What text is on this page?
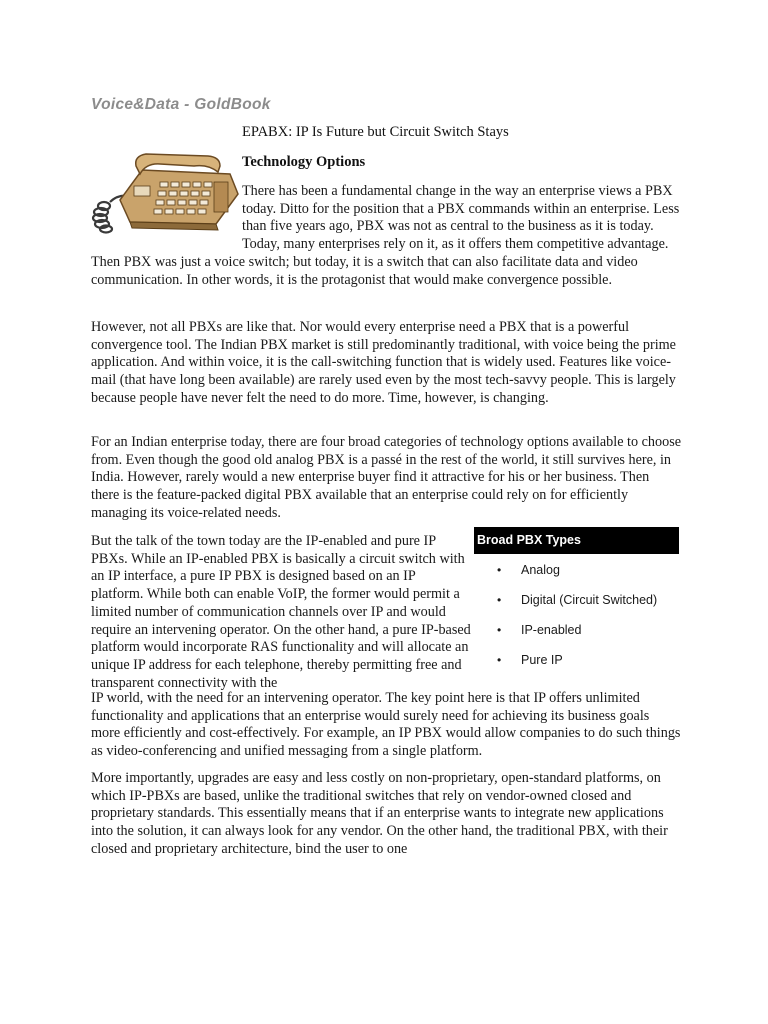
Voice&Data - GoldBook
EPABX: IP Is Future but Circuit Switch Stays
Technology Options

There has been a fundamental change in the way an enterprise views a PBX today. Ditto for the position that a PBX commands within an enterprise. Less than five years ago, PBX was not as central to the business as it is today. Today, many enterprises rely on it, as it offers them competitive advantage. Then PBX was just a voice switch; but today, it is a switch that can also facilitate data and video communication. In other words, it is the protagonist that would make convergence possible.

However, not all PBXs are like that. Nor would every enterprise need a PBX that is a powerful convergence tool. The Indian PBX market is still predominantly traditional, with voice being the prime application. And within voice, it is the call-switching function that is widely used. Features like voice-mail (that have long been available) are rarely used even by the most tech-savvy people. This is largely because people have never felt the need to do more. Time, however, is changing.

For an Indian enterprise today, there are four broad categories of technology options available to choose from. Even though the good old analog PBX is a passé in the rest of the world, it still survives here, in India. However, rarely would a new enterprise buyer find it attractive for his or her business. Then there is the feature-packed digital PBX available that an enterprise could rely on for efficiently managing its voice-related needs.

But the talk of the town today are the IP-enabled and pure IP PBXs. While an IP-enabled PBX is basically a circuit switch with an IP interface, a pure IP PBX is designed based on an IP platform. While both can enable VoIP, the former would permit a limited number of communication channels over IP and would require an intervening operator. On the other hand, a pure IP-based platform would incorporate RAS functionality and will allocate an unique IP address for each telephone, thereby permitting free and transparent connectivity with the

Broad PBX Types
• Analog
• Digital (Circuit Switched)
• IP-enabled
• Pure IP

IP world, with the need for an intervening operator. The key point here is that IP offers unlimited functionality and applications that an enterprise would surely need for achieving its business goals more efficiently and cost-effectively. For example, an IP PBX would allow companies to do such things as video-conferencing and unified messaging from a single platform.

More importantly, upgrades are easy and less costly on non-proprietary, open-standard platforms, on which IP-PBXs are based, unlike the traditional switches that rely on vendor-owned closed and proprietary standards. This essentially means that if an enterprise wants to integrate new applications into the solution, it can always look for any vendor. On the other hand, the traditional PBX, with their closed and proprietary architecture, bind the user to one
